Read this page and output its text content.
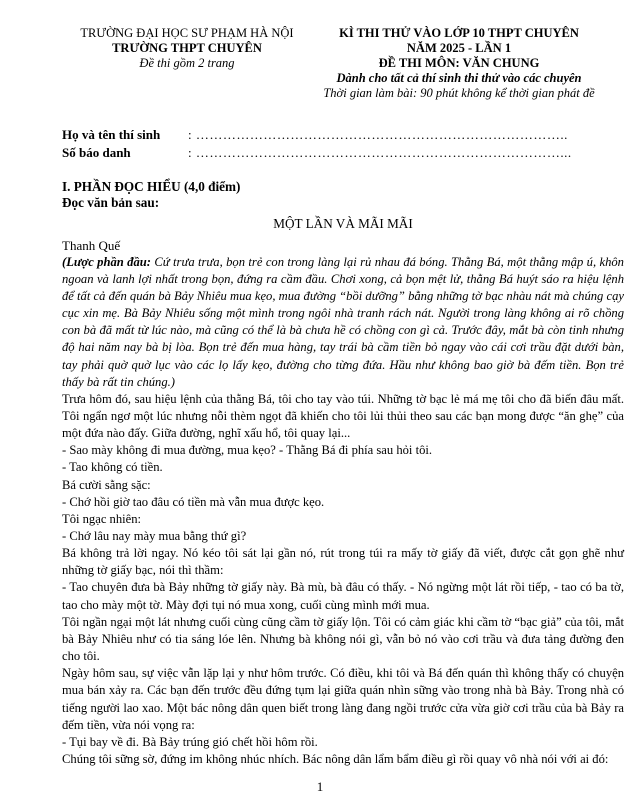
TRƯỜNG ĐẠI HỌC SƯ PHẠM HÀ NỘI
TRƯỜNG THPT CHUYÊN
Đề thi gồm 2 trang
KÌ THI THỬ VÀO LỚP 10 THPT CHUYÊN
NĂM 2025 - LẦN 1
ĐỀ THI MÔN: VĂN CHUNG
Dành cho tất cả thí sinh thi thử vào các chuyên
Thời gian làm bài: 90 phút không kể thời gian phát đề
Họ và tên thí sinh : ………………………………………………………………………..
Số báo danh	: ………………………………………………………………………...
I. PHẦN ĐỌC HIỂU (4,0 điểm)
Đọc văn bản sau:
MỘT LẦN VÀ MÃI MÃI
Thanh Quế
(Lược phần đầu: Cứ trưa trưa, bọn trẻ con trong làng lại rủ nhau đá bóng. Thằng Bá, một thằng mập ú, khôn ngoan và lanh lợi nhất trong bọn, đứng ra cầm đầu. Chơi xong, cả bọn mệt lử, thằng Bá huýt sáo ra hiệu lệnh để tất cả đến quán bà Bảy Nhiêu mua kẹo, mua đường “bồi dưỡng” bằng những tờ bạc nhàu nát mà chúng cạy cục xin mẹ. Bà Bảy Nhiêu sống một mình trong ngôi nhà tranh rách nát. Người trong làng không ai rõ chồng con bà đã mất từ lúc nào, mà cũng có thể là bà chưa hề có chồng con gì cả. Trước đây, mắt bà còn tinh nhưng độ hai năm nay bà bị lòa. Bọn trẻ đến mua hàng, tay trái bà cầm tiền bỏ ngay vào cái cơi trầu đặt dưới bàn, tay phải quờ quờ lục vào các lọ lấy kẹo, đường cho từng đứa. Hầu như không bao giờ bà đếm tiền. Bọn trẻ thấy bà rất tin chúng.)
Trưa hôm đó, sau hiệu lệnh của thằng Bá, tôi cho tay vào túi. Những tờ bạc lẻ má mẹ tôi cho đã biến đâu mất. Tôi ngẩn ngơ một lúc nhưng nỗi thèm ngọt đã khiến cho tôi lủi thủi theo sau các bạn mong được “ăn ghẹ” của một đứa nào đấy. Giữa đường, nghĩ xấu hổ, tôi quay lại...
- Sao mày không đi mua đường, mua kẹo? - Thằng Bá đi phía sau hỏi tôi.
- Tao không có tiền.
Bá cười sằng sặc:
- Chớ hồi giờ tao đâu có tiền mà vẫn mua được kẹo.
Tôi ngạc nhiên:
- Chớ lâu nay mày mua bằng thứ gì?
Bá không trả lời ngay. Nó kéo tôi sát lại gần nó, rút trong túi ra mấy tờ giấy đã viết, được cắt gọn ghẽ như những tờ giấy bạc, nói thì thầm:
- Tao chuyên đưa bà Bảy những tờ giấy này. Bà mù, bà đâu có thấy. - Nó ngừng một lát rồi tiếp, - tao có ba tờ, tao cho mày một tờ. Mày đợi tụi nó mua xong, cuối cùng mình mới mua.
Tôi ngần ngại một lát nhưng cuối cùng cũng cầm tờ giấy lộn. Tôi có cảm giác khi cầm tờ “bạc giả” của tôi, mắt bà Bảy Nhiêu như có tia sáng lóe lên. Nhưng bà không nói gì, vẫn bỏ nó vào cơi trầu và đưa tảng đường đen cho tôi.
Ngày hôm sau, sự việc vẫn lặp lại y như hôm trước. Có điều, khi tôi và Bá đến quán thì không thấy có chuyện mua bán xảy ra. Các bạn đến trước đều đứng tụm lại giữa quán nhìn sững vào trong nhà bà Bảy. Trong nhà có tiếng người lao xao. Một bác nông dân quen biết trong làng đang ngồi trước cửa vừa giờ cơi trầu của bà Bảy ra đếm tiền, vừa nói vọng ra:
- Tụi bay về đi. Bà Bảy trúng gió chết hồi hôm rồi.
Chúng tôi sững sờ, đứng im không nhúc nhích. Bác nông dân lẩm bẩm điều gì rồi quay vô nhà nói với ai đó:
1
